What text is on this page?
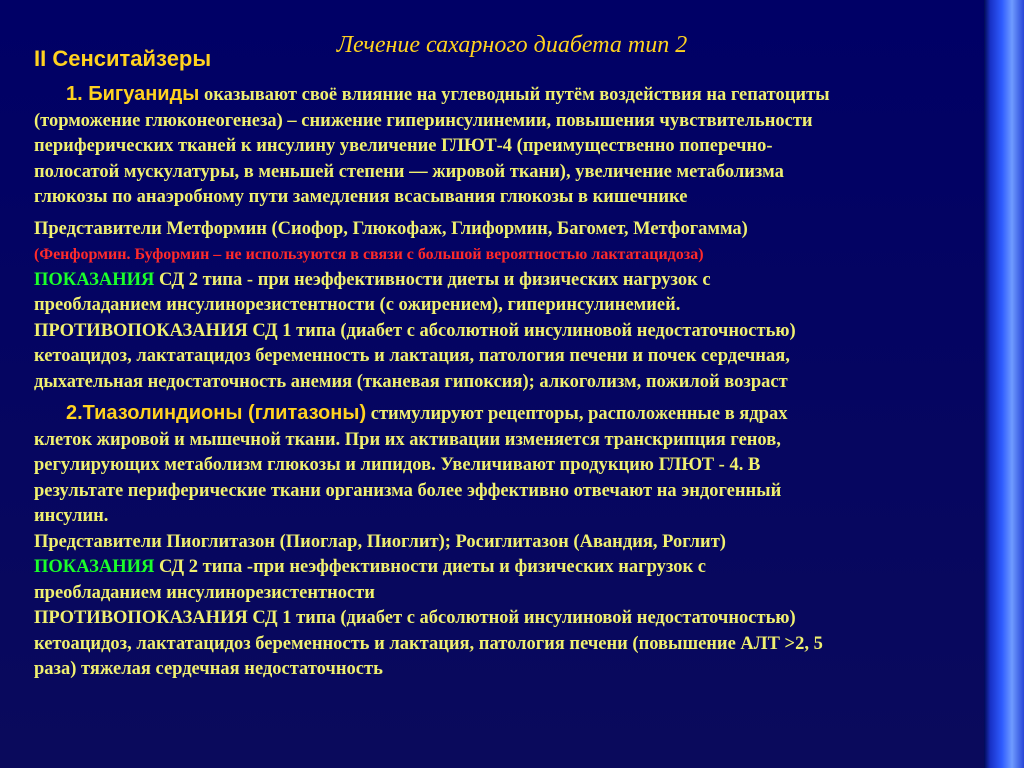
Лечение сахарного диабета тип 2
II Сенситайзеры

1. Бигуаниды оказывают своё влияние на углеводный путём воздействия на гепатоциты

(торможение глюконеогенеза) – снижение гиперинсулинемии, повышения чувствительности

периферических тканей к инсулину увеличение ГЛЮТ-4 (преимущественно поперечно-

полосатой мускулатуры, в меньшей степени — жировой ткани), увеличение метаболизма

глюкозы по анаэробному пути замедления всасывания глюкозы в кишечнике

Представители Метформин (Сиофор, Глюкофаж, Глиформин, Багомет, Метфогамма)

(Фенформин. Буформин – не используются в связи с большой вероятностью лактатацидоза)

ПОКАЗАНИЯ СД 2 типа - при неэффективности диеты и физических нагрузок с

преобладанием инсулинорезистентности (с ожирением), гиперинсулинемией.

ПРОТИВОПОКАЗАНИЯ СД 1 типа (диабет с абсолютной инсулиновой недостаточностью)

кетоацидоз, лактатацидоз беременность и лактация, патология печени и почек сердечная,

дыхательная недостаточность анемия (тканевая гипоксия); алкоголизм, пожилой возраст

2.Тиазолиндионы (глитазоны) стимулируют рецепторы, расположенные в ядрах

клеток жировой и мышечной ткани. При их активации изменяется транскрипция генов,

регулирующих метаболизм глюкозы и липидов. Увеличивают продукцию ГЛЮТ - 4. В

результате периферические ткани организма более эффективно отвечают на эндогенный

инсулин.

Представители Пиоглитазон (Пиоглар, Пиоглит); Росиглитазон (Авандия, Роглит)

ПОКАЗАНИЯ СД 2 типа -при неэффективности диеты и физических нагрузок с

преобладанием инсулинорезистентности

ПРОТИВОПОКАЗАНИЯ СД 1 типа (диабет с абсолютной инсулиновой недостаточностью)

кетоацидоз, лактатацидоз беременность и лактация, патология печени (повышение АЛТ >2, 5

раза) тяжелая сердечная недостаточность
